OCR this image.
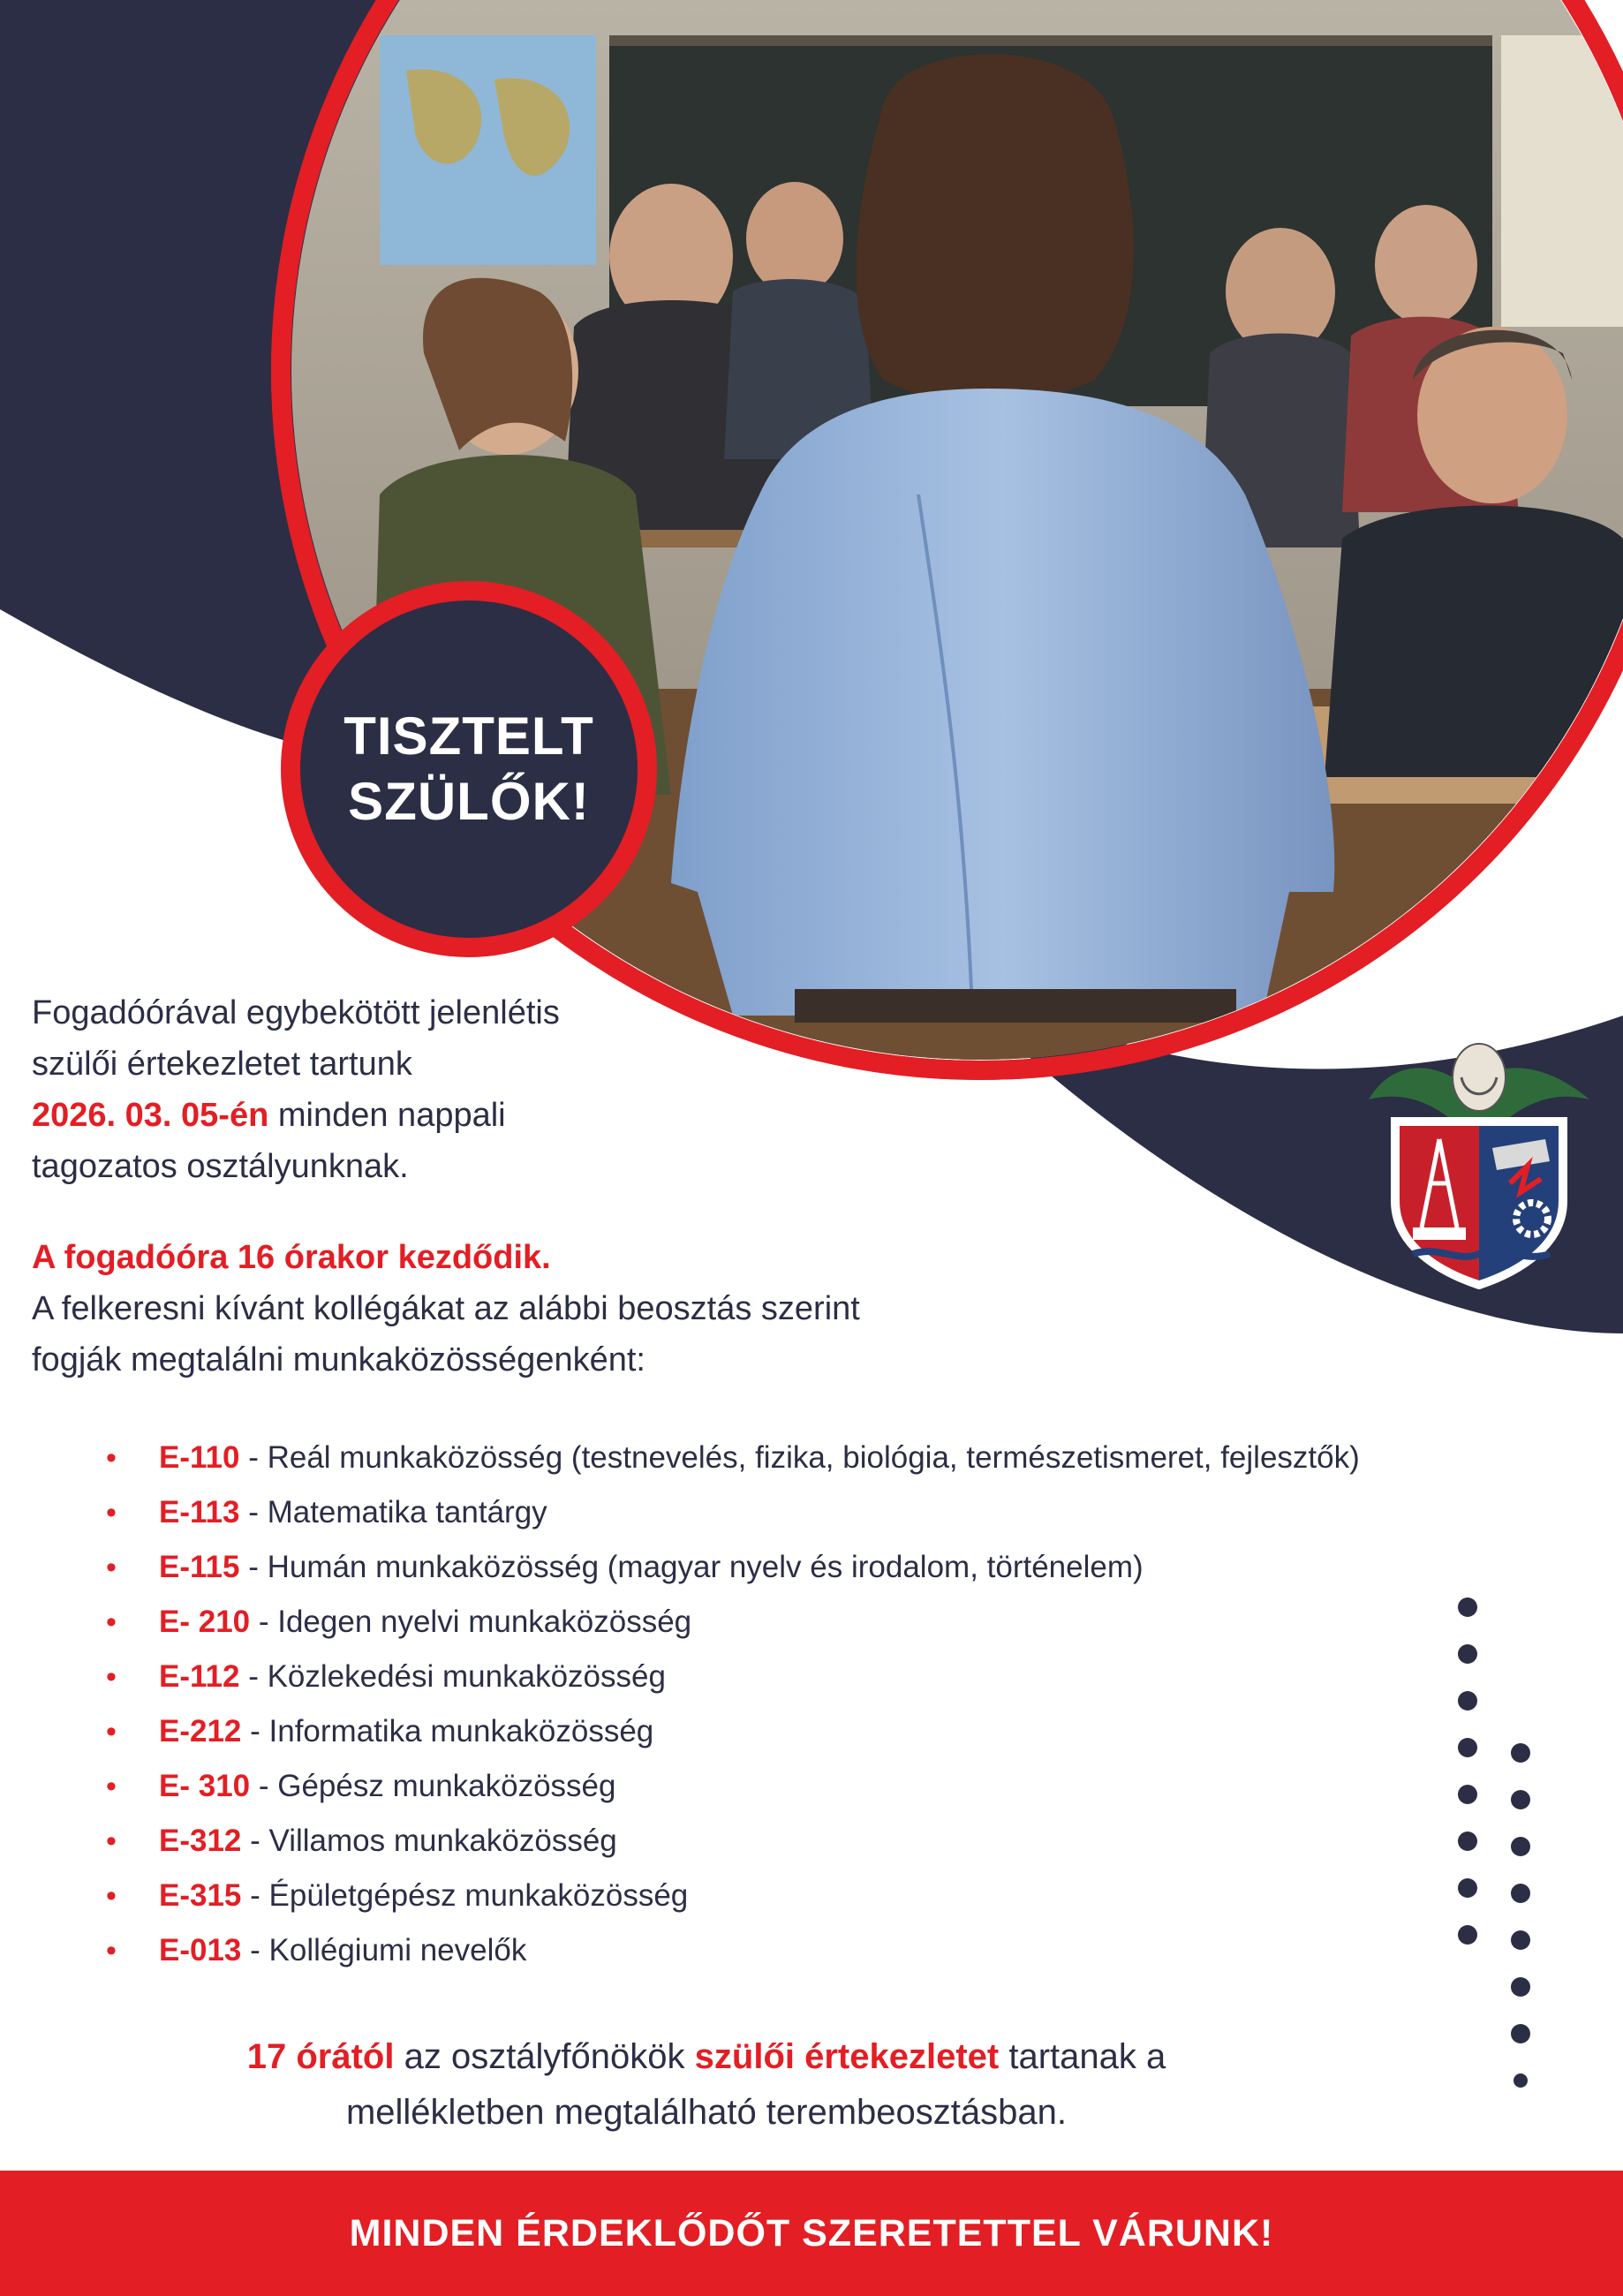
TISZTELT
SZÜLŐK!

Fogadóórával egybekötött jelenlétis

szülői értekezletet tartunk

2026. 03. 05-én minden nappali

tagozatos osztályunknak.

A fogadóóra 16 órakor kezdődik.

A felkeresni kívánt kollégákat az alábbi beosztás szerint

fogják megtalálni munkaközösségenként:

• E-110 - Reál munkaközösség (testnevelés, fizika, biológia, természetismeret, fejlesztők)
• E-113 - Matematika tantárgy
• E-115 - Humán munkaközösség (magyar nyelv és irodalom, történelem)
• E- 210 - Idegen nyelvi munkaközösség
• E-112 - Közlekedési munkaközösség
• E-212 - Informatika munkaközösség
• E- 310 - Gépész munkaközösség
• E-312 - Villamos munkaközösség
• E-315 - Épületgépész munkaközösség
• E-013 - Kollégiumi nevelők

17 órától az osztályfőnökök szülői értekezletet tartanak a

mellékletben megtalálható terembeosztásban.

MINDEN ÉRDEKLŐDŐT SZERETETTEL VÁRUNK!
